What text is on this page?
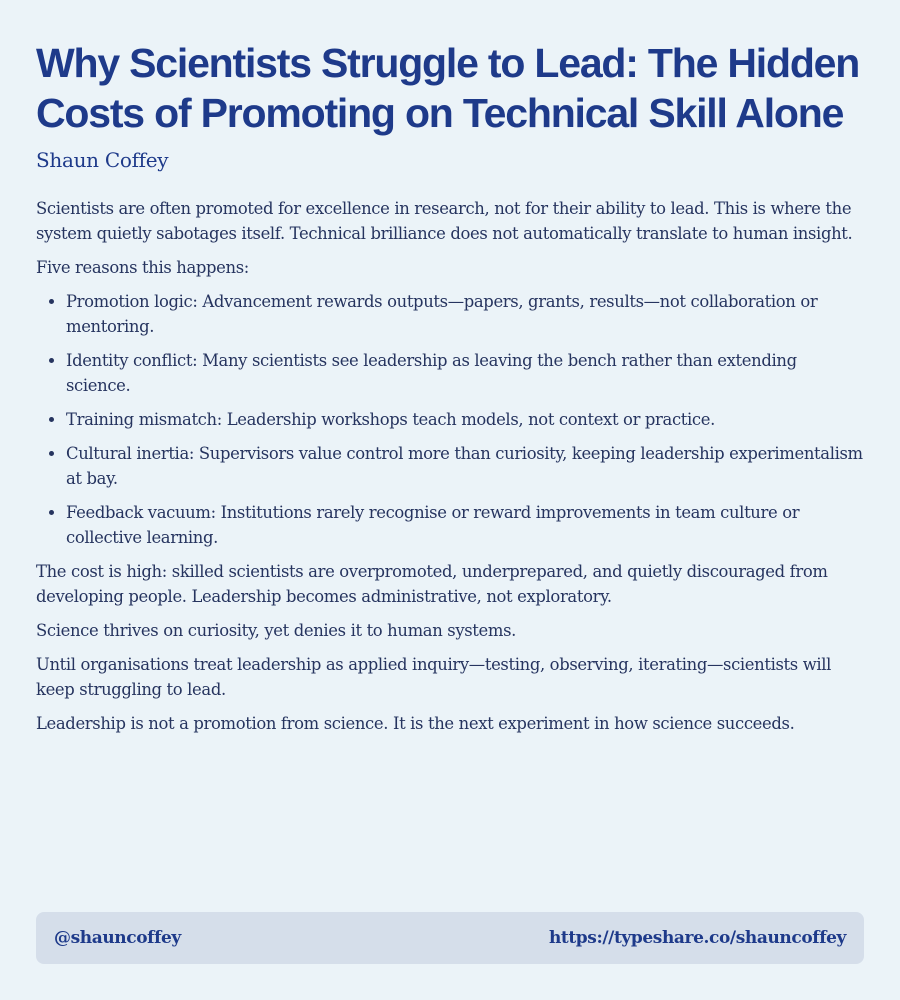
Why Scientists Struggle to Lead: The Hidden Costs of Promoting on Technical Skill Alone
Shaun Coffey

Scientists are often promoted for excellence in research, not for their ability to lead. This is where the system quietly sabotages itself. Technical brilliance does not automatically translate to human insight.

Five reasons this happens:

• Promotion logic: Advancement rewards outputs—papers, grants, results—not collaboration or mentoring.
• Identity conflict: Many scientists see leadership as leaving the bench rather than extending science.
• Training mismatch: Leadership workshops teach models, not context or practice.
• Cultural inertia: Supervisors value control more than curiosity, keeping leadership experimentalism at bay.
• Feedback vacuum: Institutions rarely recognise or reward improvements in team culture or collective learning.

The cost is high: skilled scientists are overpromoted, underprepared, and quietly discouraged from developing people. Leadership becomes administrative, not exploratory.

Science thrives on curiosity, yet denies it to human systems.

Until organisations treat leadership as applied inquiry—testing, observing, iterating—scientists will keep struggling to lead.

Leadership is not a promotion from science. It is the next experiment in how science succeeds.

@shauncoffey	https://typeshare.co/shauncoffey
